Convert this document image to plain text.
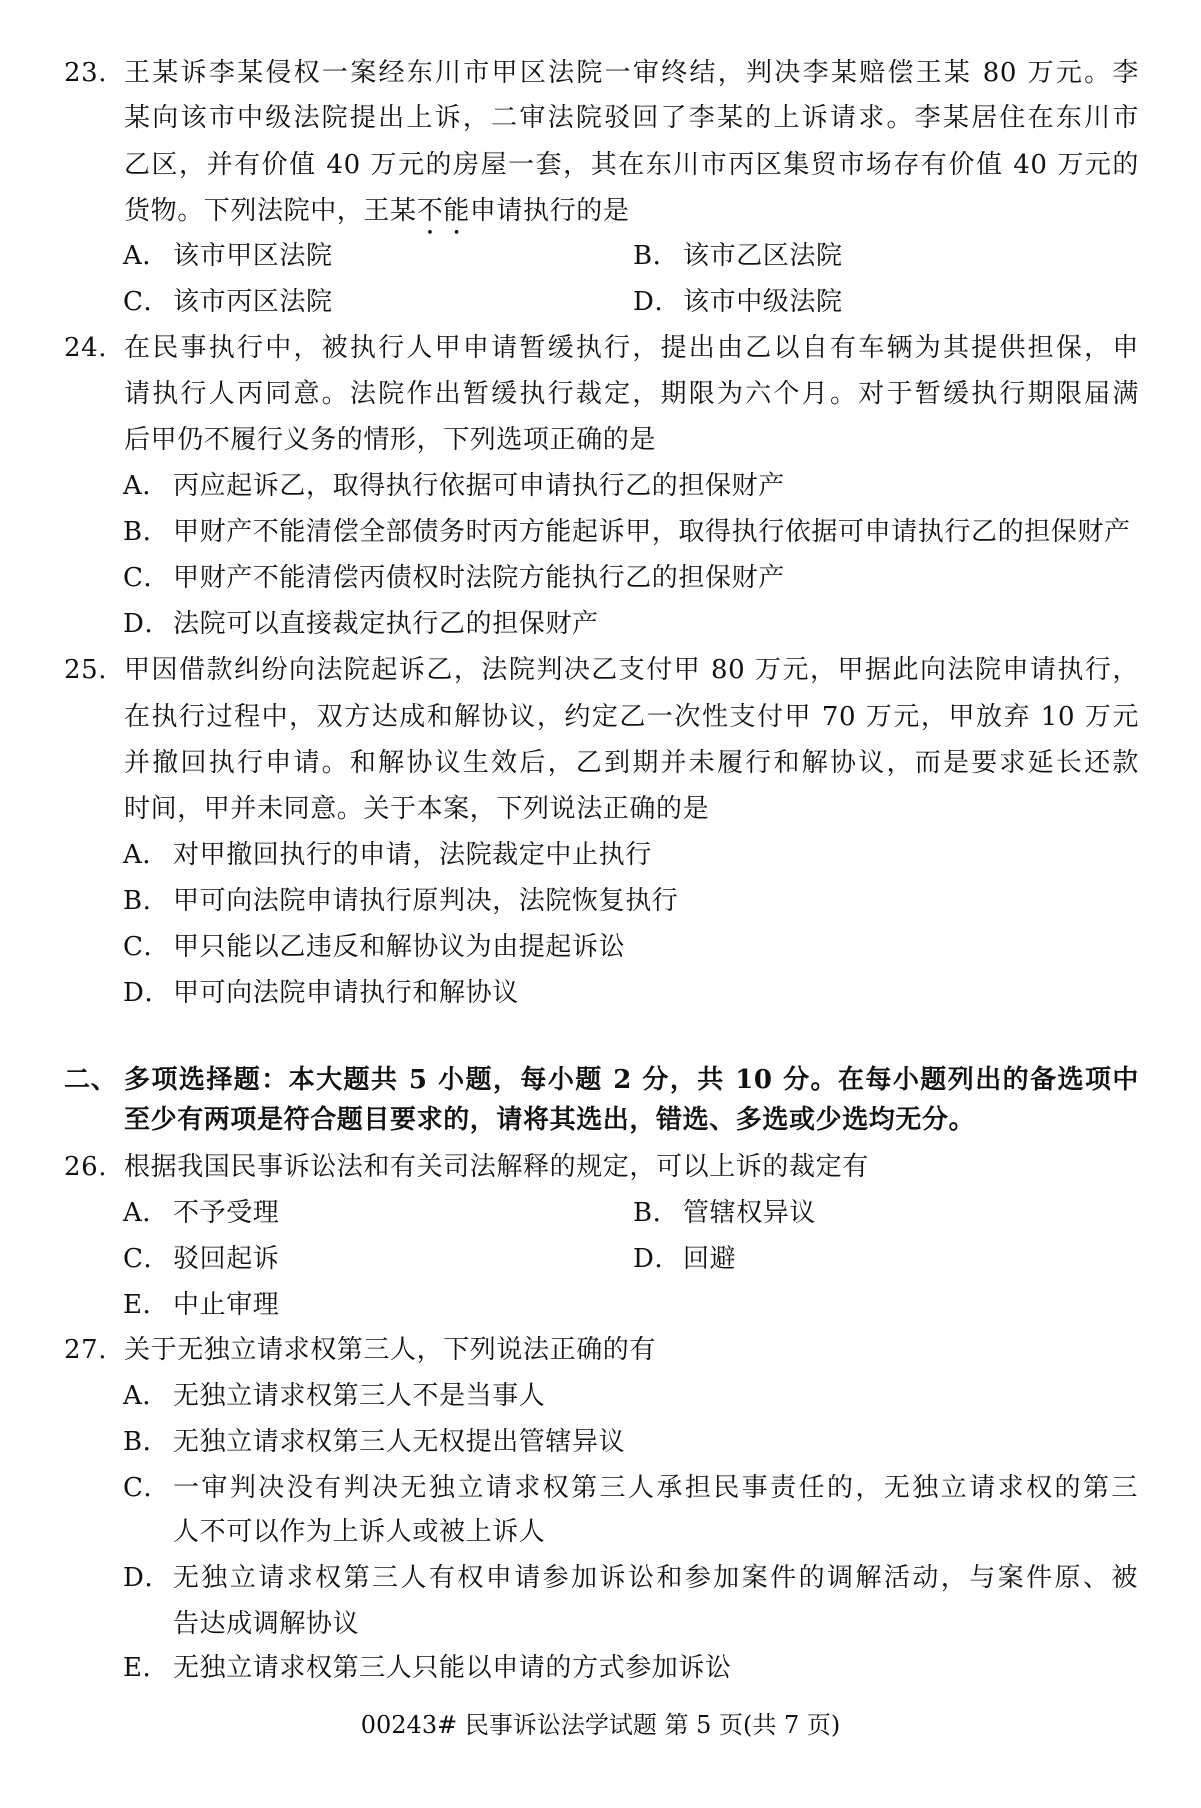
23. 王某诉李某侵权一案经东川市甲区法院一审终结，判决李某赔偿王某 80 万元。李
某向该市中级法院提出上诉，二审法院驳回了李某的上诉请求。李某居住在东川市
乙区，并有价值 40 万元的房屋一套，其在东川市丙区集贸市场存有价值 40 万元的
货物。下列法院中，王某不能申请执行的是
A． 该市甲区法院	B． 该市乙区法院
C． 该市丙区法院	D．该市中级法院
24. 在民事执行中，被执行人甲申请暂缓执行，提出由乙以自有车辆为其提供担保，申
请执行人丙同意。法院作出暂缓执行裁定，期限为六个月。对于暂缓执行期限届满
后甲仍不履行义务的情形，下列选项正确的是
A． 丙应起诉乙，取得执行依据可申请执行乙的担保财产
B． 甲财产不能清偿全部债务时丙方能起诉甲，取得执行依据可申请执行乙的担保财产
C． 甲财产不能清偿丙债权时法院方能执行乙的担保财产
D．法院可以直接裁定执行乙的担保财产
25. 甲因借款纠纷向法院起诉乙，法院判决乙支付甲 80 万元，甲据此向法院申请执行，
在执行过程中，双方达成和解协议，约定乙一次性支付甲 70 万元，甲放弃 10 万元
并撤回执行申请。和解协议生效后，乙到期并未履行和解协议，而是要求延长还款
时间，甲并未同意。关于本案，下列说法正确的是
A． 对甲撤回执行的申请，法院裁定中止执行
B． 甲可向法院申请执行原判决，法院恢复执行
C． 甲只能以乙违反和解协议为由提起诉讼
D．甲可向法院申请执行和解协议
二、 多项选择题：本大题共 5 小题，每小题 2 分，共 10 分。在每小题列出的备选项中
至少有两项是符合题目要求的，请将其选出，错选、多选或少选均无分。
26. 根据我国民事诉讼法和有关司法解释的规定，可以上诉的裁定有
A． 不予受理	B． 管辖权异议
C． 驳回起诉	D．回避
E． 中止审理
27. 关于无独立请求权第三人，下列说法正确的有
A． 无独立请求权第三人不是当事人
B． 无独立请求权第三人无权提出管辖异议
C． 一审判决没有判决无独立请求权第三人承担民事责任的，无独立请求权的第三
人不可以作为上诉人或被上诉人
D．无独立请求权第三人有权申请参加诉讼和参加案件的调解活动，与案件原、被
告达成调解协议
E． 无独立请求权第三人只能以申请的方式参加诉讼
00243# 民事诉讼法学试题 第 5 页(共 7 页)
